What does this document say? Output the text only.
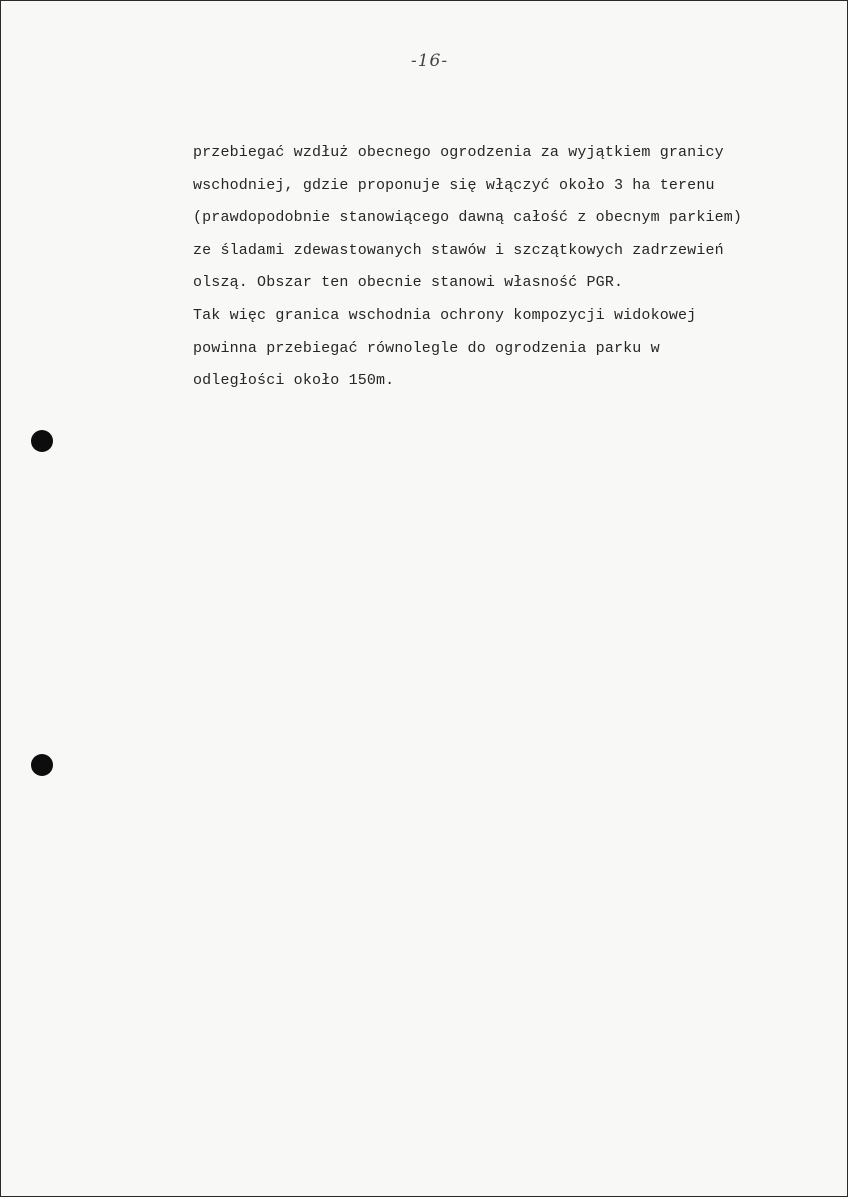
-16-
przebiegać wzdłuż obecnego ogrodzenia za wyjątkiem granicy
wschodniej, gdzie proponuje się włączyć około 3 ha terenu
(prawdopodobnie stanowiącego dawną całość z obecnym parkiem)
ze śladami zdewastowanych stawów i szczątkowych zadrzewień
olszą. Obszar ten obecnie stanowi własność PGR.
Tak więc granica wschodnia ochrony kompozycji widokowej
powinna przebiegać równolegle do ogrodzenia parku w
odległości około 150m.
